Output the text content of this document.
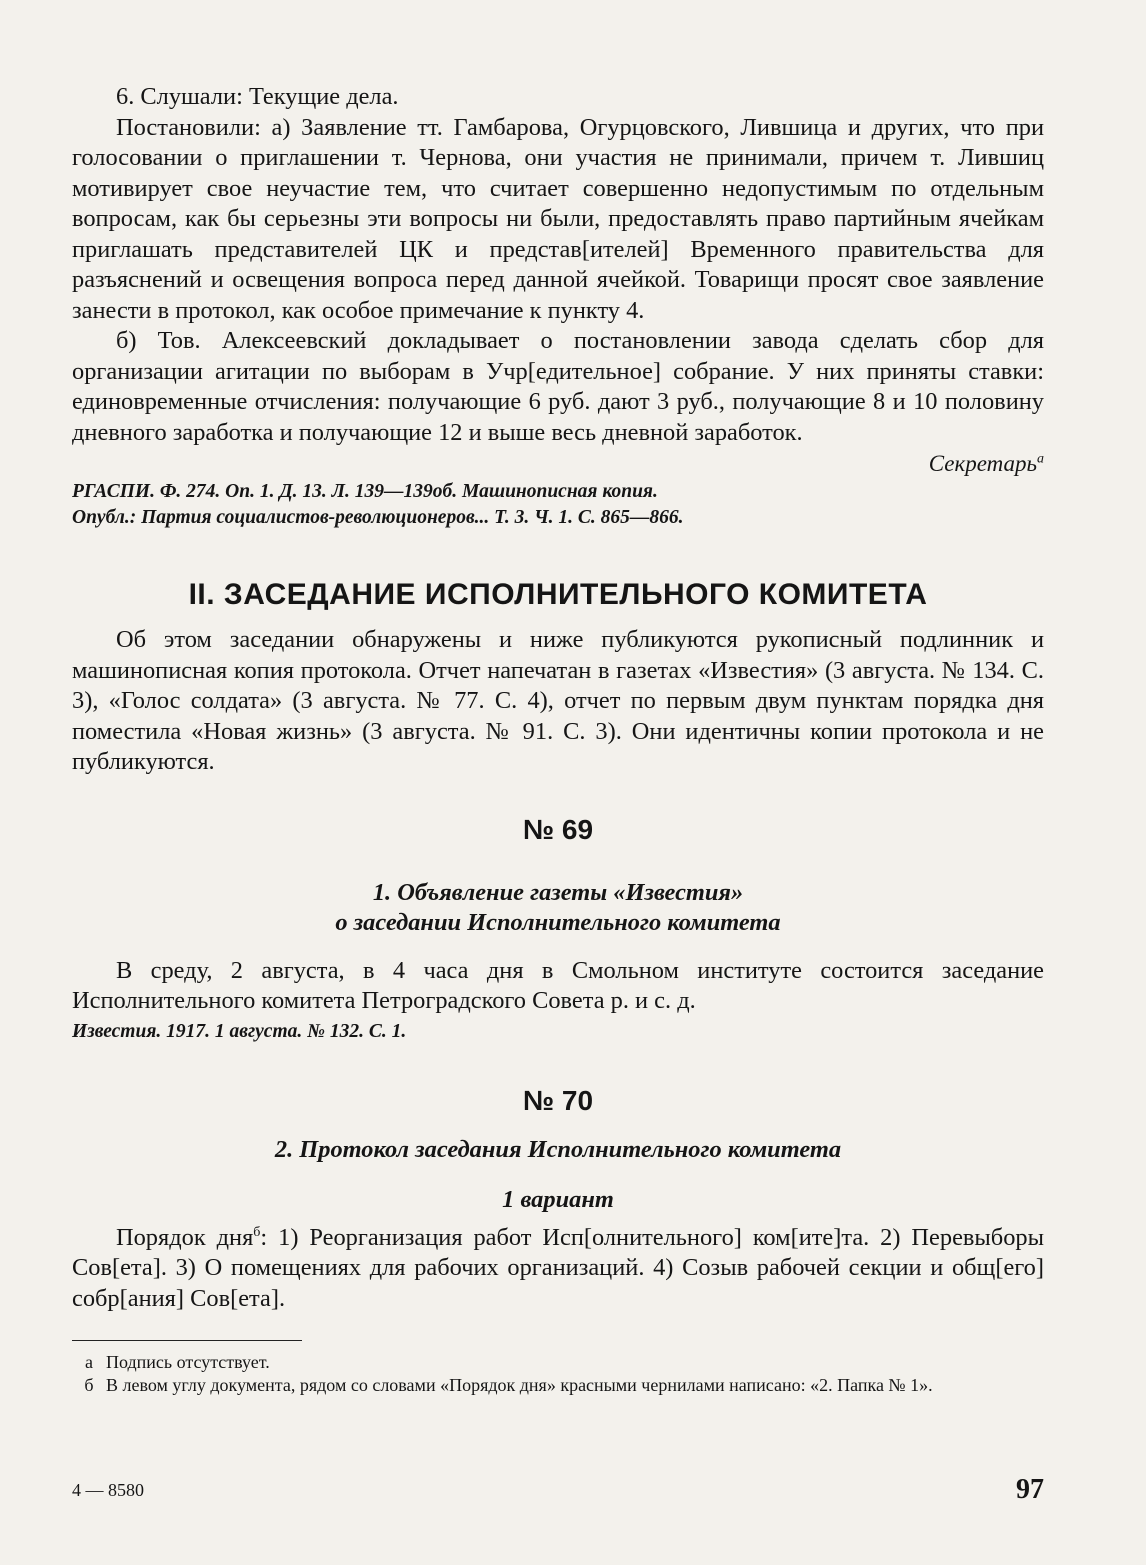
6. Слушали: Текущие дела.

Постановили: а) Заявление тт. Гамбарова, Огурцовского, Лившица и других, что при голосовании о приглашении т. Чернова, они участия не принимали, причем т. Лившиц мотивирует свое неучастие тем, что считает совершенно недопустимым по отдельным вопросам, как бы серьезны эти вопросы ни были, предоставлять право партийным ячейкам приглашать представителей ЦК и представ[ителей] Временного правительства для разъяснений и освещения вопроса перед данной ячейкой. Товарищи просят свое заявление занести в протокол, как особое примечание к пункту 4.

б) Тов. Алексеевский докладывает о постановлении завода сделать сбор для организации агитации по выборам в Учр[едительное] собрание. У них приняты ставки: единовременные отчисления: получающие 6 руб. дают 3 руб., получающие 8 и 10 половину дневного заработка и получающие 12 и выше весь дневной заработок.

Секретарь$^а$

РГАСПИ. Ф. 274. Оп. 1. Д. 13. Л. 139—139об. Машинописная копия.

Опубл.: Партия социалистов-революционеров... Т. 3. Ч. 1. С. 865—866.

II. ЗАСЕДАНИЕ ИСПОЛНИТЕЛЬНОГО КОМИТЕТА

Об этом заседании обнаружены и ниже публикуются рукописный подлинник и машинописная копия протокола. Отчет напечатан в газетах «Известия» (3 августа. № 134. С. 3), «Голос солдата» (3 августа. № 77. С. 4), отчет по первым двум пунктам порядка дня поместила «Новая жизнь» (3 августа. № 91. С. 3). Они идентичны копии протокола и не публикуются.

№ 69

1. Объявление газеты «Известия»

о заседании Исполнительного комитета

В среду, 2 августа, в 4 часа дня в Смольном институте состоится заседание Исполнительного комитета Петроградского Совета р. и с. д.

Известия. 1917. 1 августа. № 132. С. 1.

№ 70

2. Протокол заседания Исполнительного комитета

1 вариант

Порядок дня$^б$: 1) Реорганизация работ Исп[олнительного] ком[ите]та. 2) Перевыборы Сов[ета]. 3) О помещениях для рабочих организаций. 4) Созыв рабочей секции и общ[его] собр[ания] Сов[ета].

а Подпись отсутствует.

б В левом углу документа, рядом со словами «Порядок дня» красными чернилами написано: «2. Папка № 1».

4 — 8580	97
